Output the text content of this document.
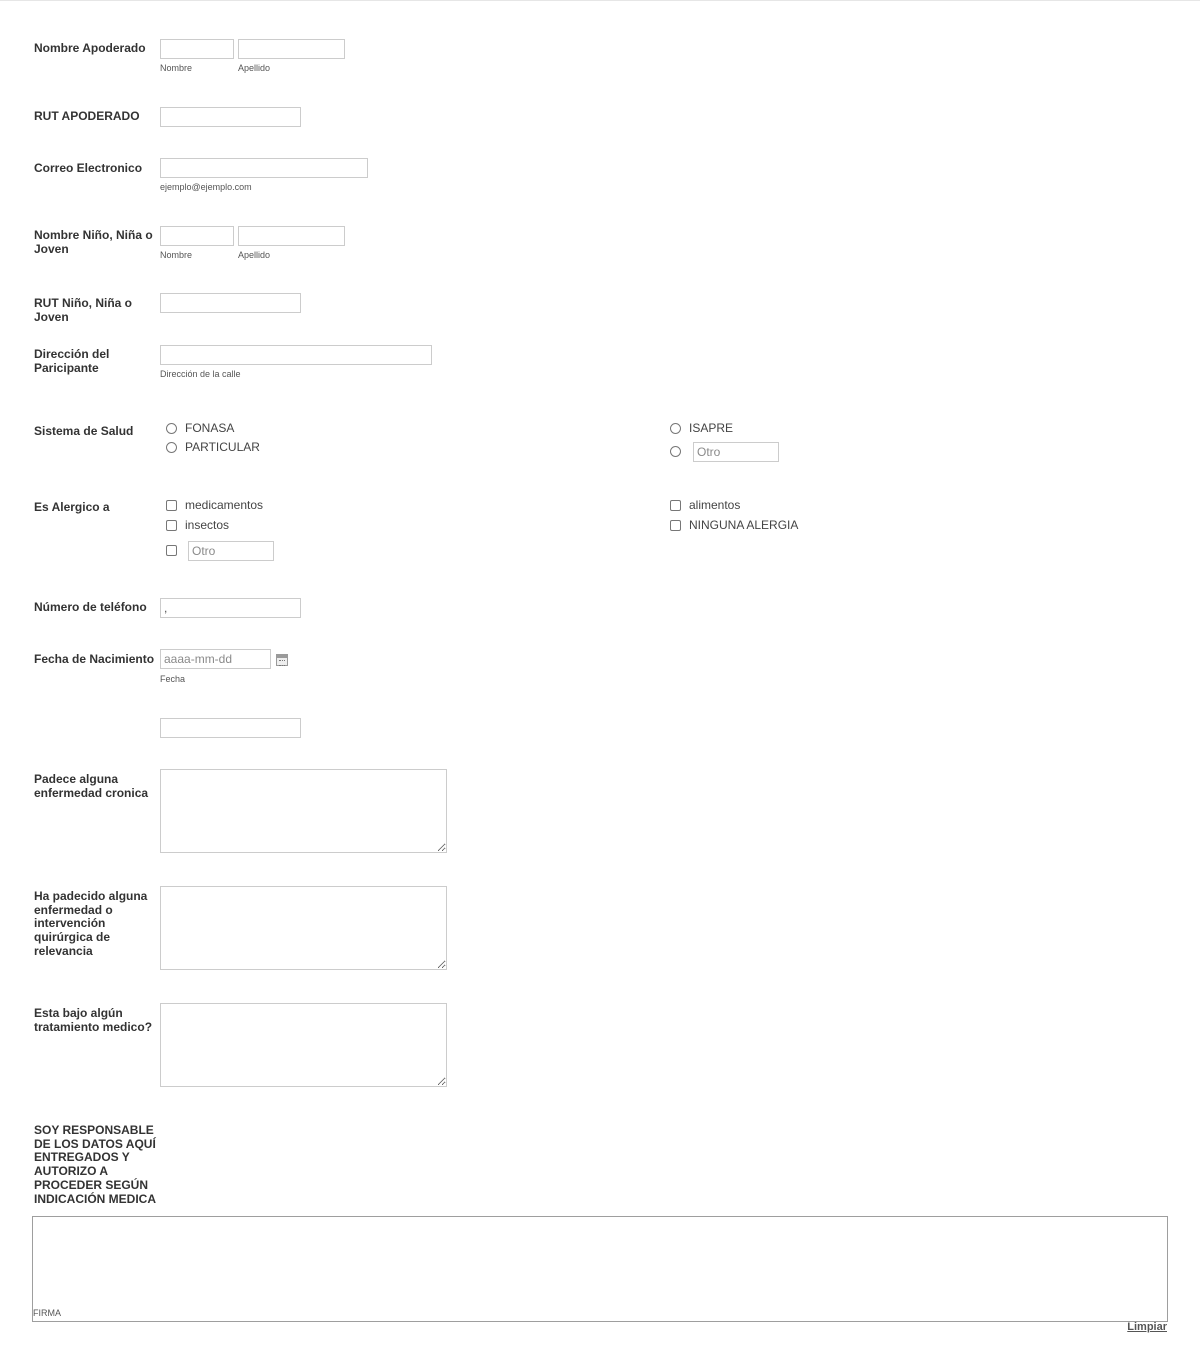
Nombre Apoderado
Nombre	Apellido
RUT APODERADO
Correo Electronico
ejemplo@ejemplo.com
Nombre Niño, Niña o Joven	Nombre	Apellido
RUT Niño, Niña o Joven
Dirección del Paricipante	Dirección de la calle
Sistema de Salud	FONASA	ISAPRE
PARTICULAR
Otro
Es Alergico a	medicamentos	alimentos
insectos	NINGUNA ALERGIA
Otro
Número de teléfono
,
Fecha de Nacimiento
aaaa-mm-dd
Fecha
Padece alguna enfermedad cronica
Ha padecido alguna enfermedad o intervención quirúrgica de relevancia
Esta bajo algún tratamiento medico?
SOY RESPONSABLE DE LOS DATOS AQUÍ ENTREGADOS Y AUTORIZO A PROCEDER SEGÚN INDICACIÓN MEDICA
FIRMA
Limpiar
